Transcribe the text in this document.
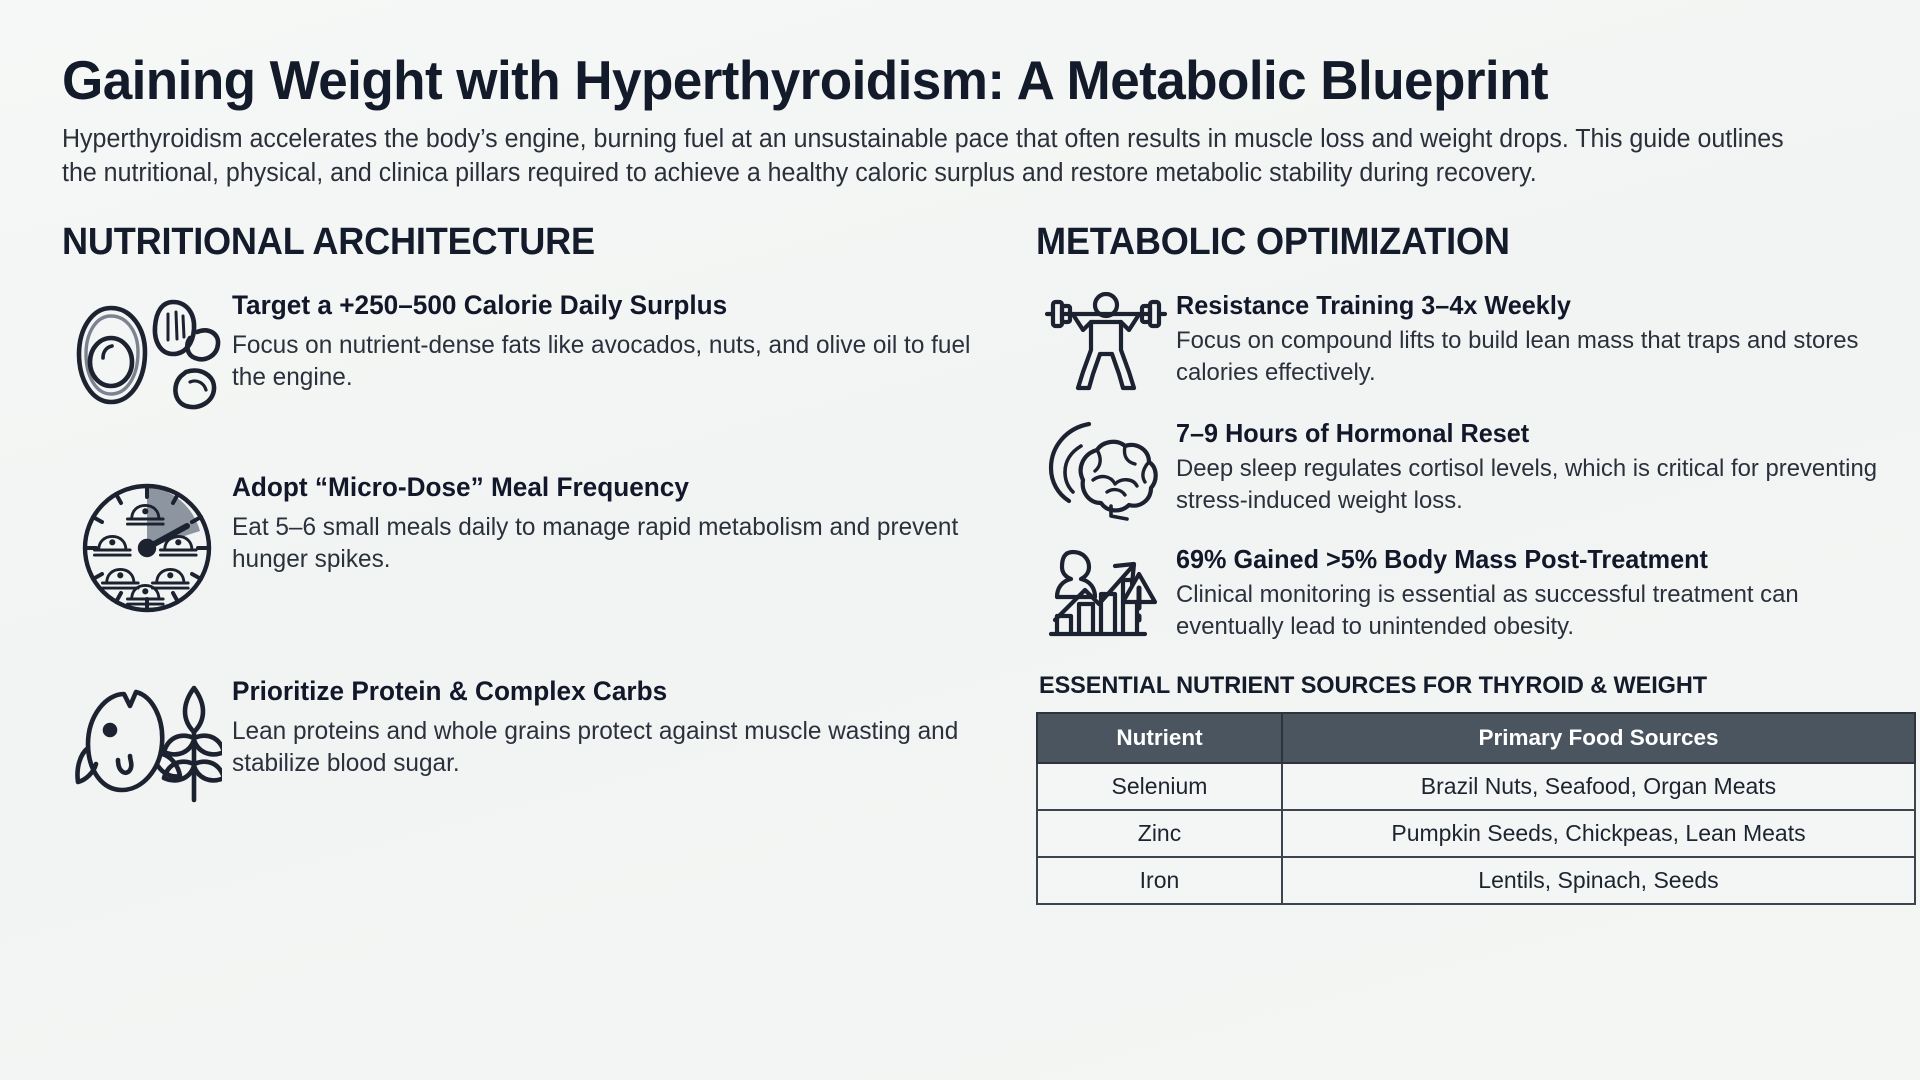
Gaining Weight with Hyperthyroidism: A Metabolic Blueprint

Hyperthyroidism accelerates the body’s engine, burning fuel at an unsustainable pace that often results in muscle loss and weight drops. This guide outlines the nutritional, physical, and clinica pillars required to achieve a healthy caloric surplus and restore metabolic stability during recovery.

NUTRITIONAL ARCHITECTURE

Target a +250–500 Calorie Daily Surplus

Focus on nutrient-dense fats like avocados, nuts, and olive oil to fuel the engine.

Adopt “Micro-Dose” Meal Frequency

Eat 5–6 small meals daily to manage rapid metabolism and prevent hunger spikes.

Prioritize Protein & Complex Carbs

Lean proteins and whole grains protect against muscle wasting and stabilize blood sugar.

METABOLIC OPTIMIZATION

Resistance Training 3–4x Weekly

Focus on compound lifts to build lean mass that traps and stores calories effectively.

7–9 Hours of Hormonal Reset

Deep sleep regulates cortisol levels, which is critical for preventing stress-induced weight loss.

69% Gained >5% Body Mass Post-Treatment

Clinical monitoring is essential as successful treatment can eventually lead to unintended obesity.

ESSENTIAL NUTRIENT SOURCES FOR THYROID & WEIGHT

Nutrient	Primary Food Sources
Selenium	Brazil Nuts, Seafood, Organ Meats
Zinc	Pumpkin Seeds, Chickpeas, Lean Meats
Iron	Lentils, Spinach, Seeds
